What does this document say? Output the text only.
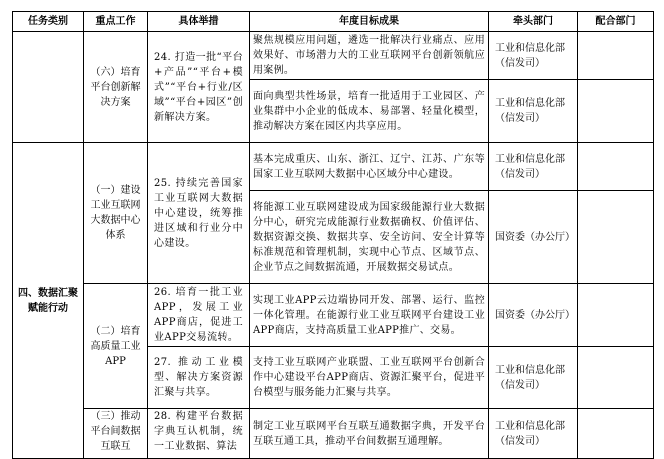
任务类别	重点工作	具体举措	年度目标成果	牵头部门	配合部门
	（六）培育平台创新解决方案	24. 打造一批“平台+产品”“平台+模式”“平台+行业/区域”“平台+园区”创新解决方案。	聚焦规模应用问题，遴选一批解决行业痛点、应用效果好、市场潜力大的工业互联网平台创新领航应用案例。	工业和信息化部（信发司）	
			面向典型共性场景，培育一批适用于工业园区、产业集群中小企业的低成本、易部署、轻量化模型，推动解决方案在园区内共享应用。	工业和信息化部（信发司）	
四、数据汇聚赋能行动	（一）建设工业互联网大数据中心体系	25. 持续完善国家工业互联网大数据中心建设，统筹推进区域和行业分中心建设。	基本完成重庆、山东、浙江、辽宁、江苏、广东等国家工业互联网大数据中心区域分中心建设。	工业和信息化部（信发司）	
			将能源工业互联网建设成为国家级能源行业大数据分中心，研究完成能源行业数据确权、价值评估、数据资源交换、数据共享、安全访问、安全计算等标准规范和管理机制，实现中心节点、区域节点、企业节点之间数据流通，开展数据交易试点。	国资委（办公厅）	
	（二）培育高质量工业APP	26. 培育一批工业APP，发展工业APP商店，促进工业APP交易流转。	实现工业APP云边端协同开发、部署、运行、监控一体化管理。在能源行业工业互联网平台建设工业APP商店，支持高质量工业APP推广、交易。	国资委（办公厅）	
		27. 推动工业模型、解决方案资源汇聚与共享。	支持工业互联网产业联盟、工业互联网平台创新合作中心建设平台APP商店、资源汇聚平台，促进平台模型与服务能力汇聚与共享。	工业和信息化部（信发司）	

	（三）推动平台间数据互联互	28. 构建平台数据字典互认机制，统一工业数据、算法	制定工业互联网平台互联互通数据字典，开发平台互联互通工具，推动平台间数据互通理解。	工业和信息化部（信发司）	
